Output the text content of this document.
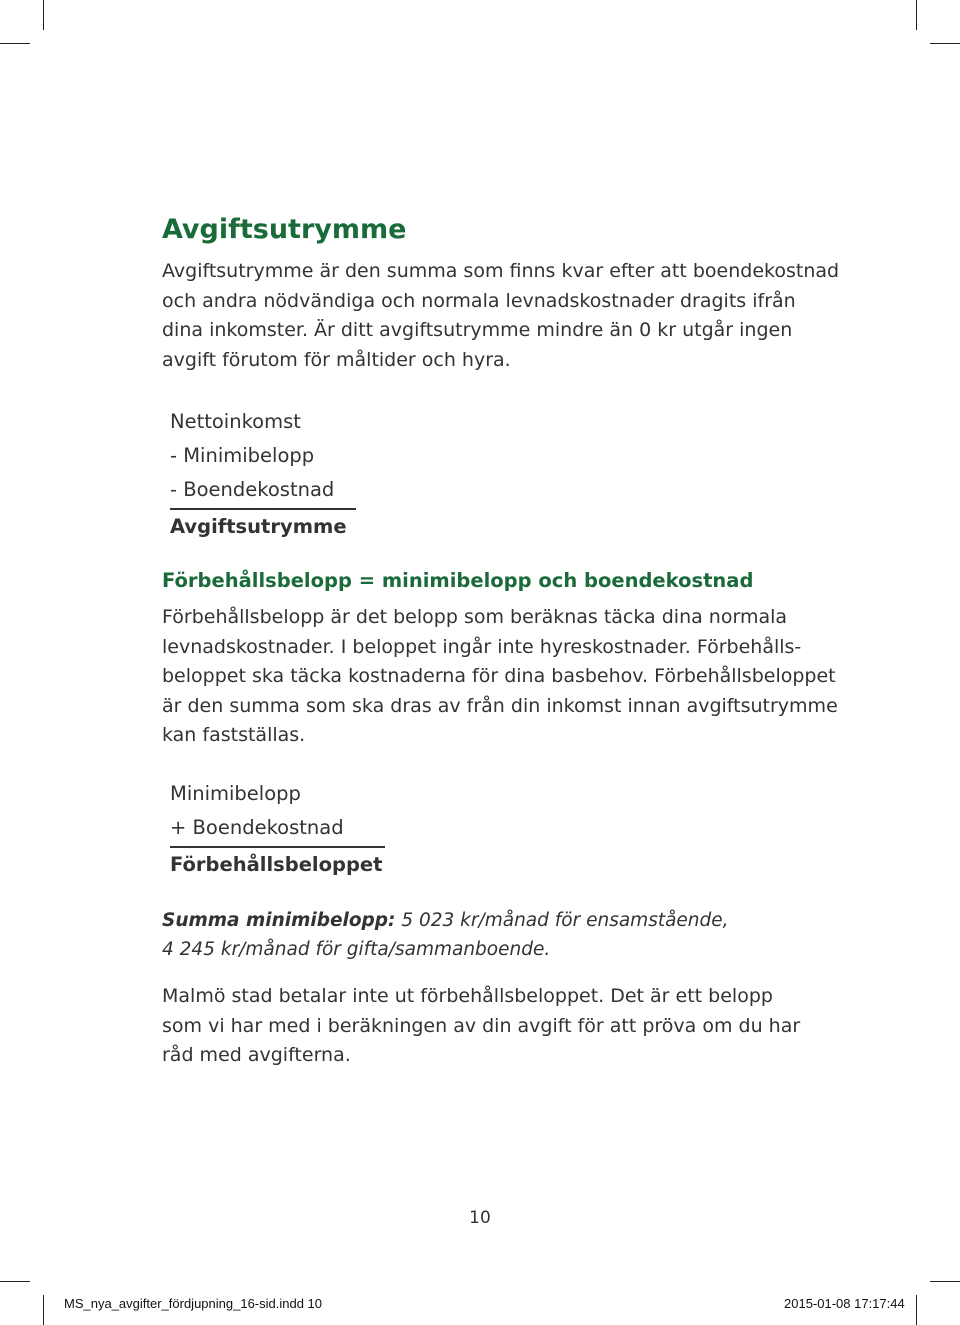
Avgiftsutrymme

Avgiftsutrymme är den summa som finns kvar efter att boendekostnad
och andra nödvändiga och normala levnadskostnader dragits ifrån
dina inkomster. Är ditt avgiftsutrymme mindre än 0 kr utgår ingen
avgift förutom för måltider och hyra.

Nettoinkomst
- Minimibelopp
- Boendekostnad
Avgiftsutrymme
Förbehållsbelopp = minimibelopp och boendekostnad

Förbehållsbelopp är det belopp som beräknas täcka dina normala
levnadskostnader. I beloppet ingår inte hyreskostnader. Förbehålls-
beloppet ska täcka kostnaderna för dina basbehov. Förbehållsbeloppet
är den summa som ska dras av från din inkomst innan avgiftsutrymme
kan fastställas.

Minimibelopp
+ Boendekostnad
Förbehållsbeloppet
Summa minimibelopp: 5 023 kr/månad för ensamstående,
4 245 kr/månad för gifta/sammanboende.

Malmö stad betalar inte ut förbehållsbeloppet. Det är ett belopp
som vi har med i beräkningen av din avgift för att pröva om du har
råd med avgifterna.

10
MS_nya_avgifter_fördjupning_16-sid.indd 10	2015-01-08 17:17:44
